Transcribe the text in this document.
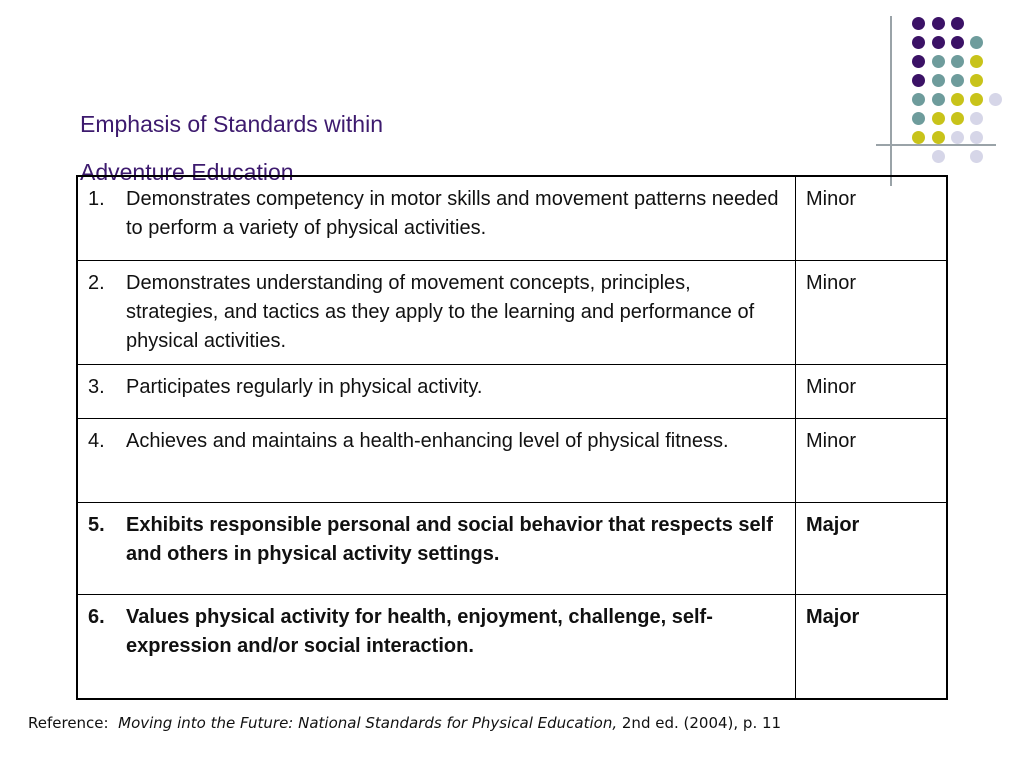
Emphasis of Standards within
Adventure Education
1. Demonstrates competency in motor skills and movement patterns needed to perform a variety of physical activities.	Minor

2. Demonstrates understanding of movement concepts, principles, strategies, and tactics as they apply to the learning and performance of physical activities.	Minor

3. Participates regularly in physical activity.	Minor

4. Achieves and maintains a health-enhancing level of physical fitness.	Minor

5. Exhibits responsible personal and social behavior that respects self and others in physical activity settings.	Major

6. Values physical activity for health, enjoyment, challenge, self-expression and/or social interaction.	Major
Reference: Moving into the Future: National Standards for Physical Education, 2nd ed. (2004), p. 11
